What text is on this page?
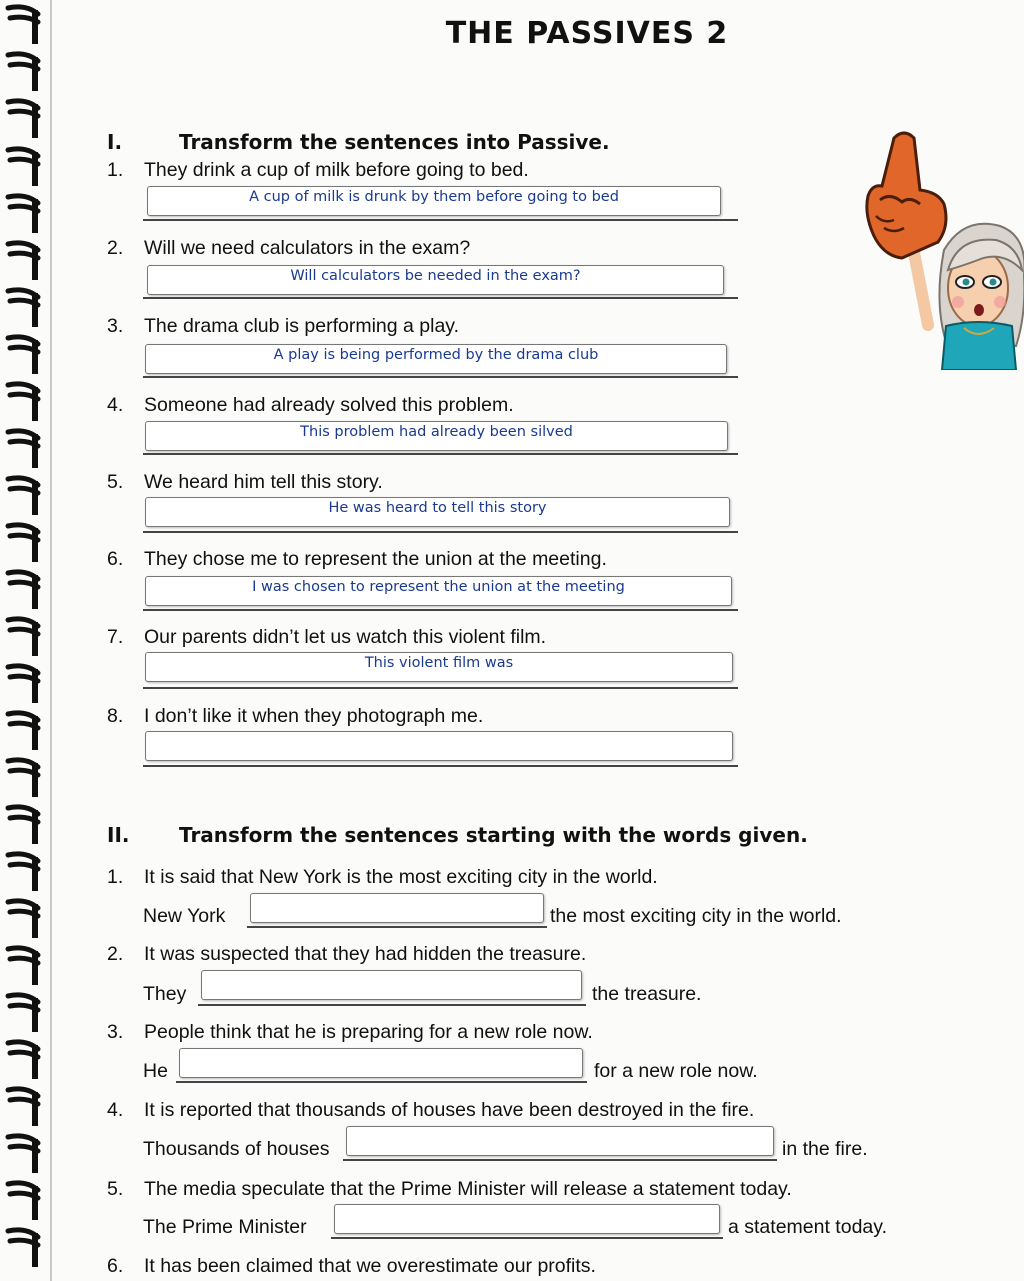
THE PASSIVES 2
I.	Transform the sentences into Passive.
1. They drink a cup of milk before going to bed.
A cup of milk is drunk by them before going to bed
2. Will we need calculators in the exam?
Will calculators be needed in the exam?
3. The drama club is performing a play.
A play is being performed by the drama club
4. Someone had already solved this problem.
This problem had already been silved
5. We heard him tell this story.
He was heard to tell this story
6. They chose me to represent the union at the meeting.
I was chosen to represent the union at the meeting
7. Our parents didn’t let us watch this violent film.
This violent film was
8. I don’t like it when they photograph me.
II. Transform the sentences starting with the words given.
1. It is said that New York is the most exciting city in the world.
New York	the most exciting city in the world.
2. It was suspected that they had hidden the treasure.
They	the treasure.
3. People think that he is preparing for a new role now.
He	for a new role now.
4. It is reported that thousands of houses have been destroyed in the fire.
Thousands of houses	in the fire.
5. The media speculate that the Prime Minister will release a statement today.
The Prime Minister	a statement today.
6. It has been claimed that we overestimate our profits.
